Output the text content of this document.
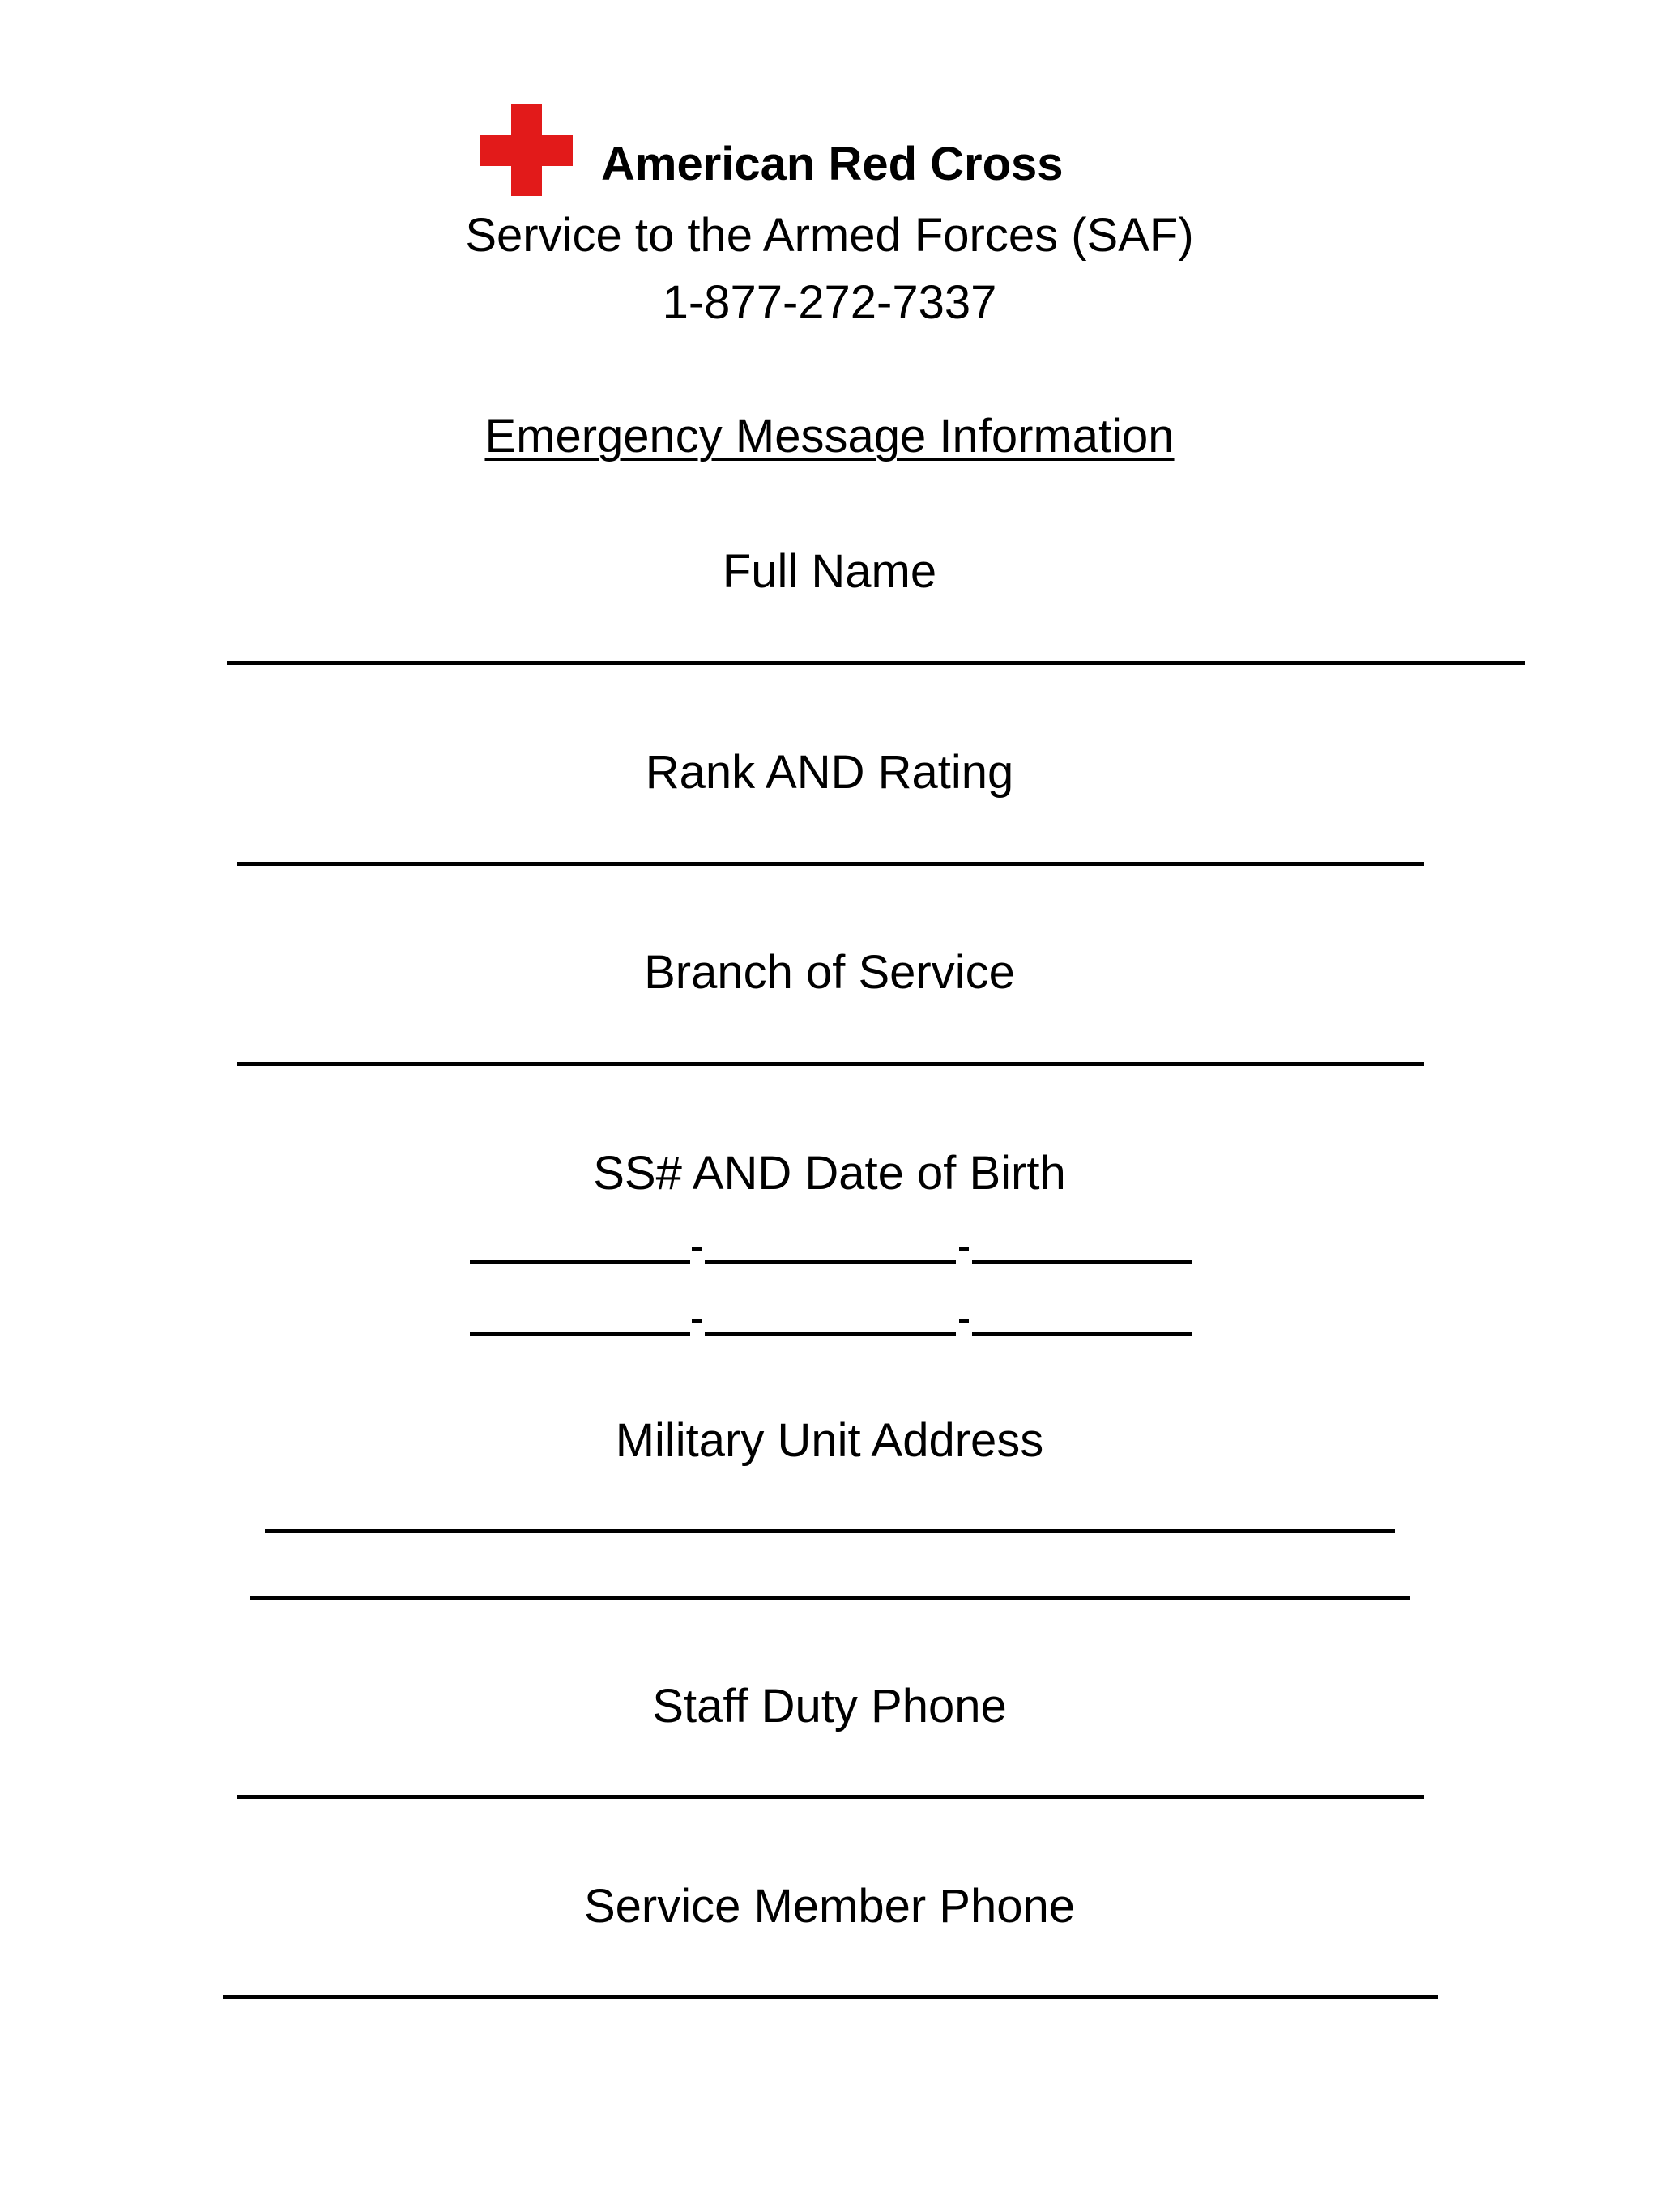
American Red Cross
Service to the Armed Forces (SAF)
1-877-272-7337
Emergency Message Information
Full Name
Rank AND Rating
Branch of Service
SS# AND Date of Birth
Military Unit Address
Staff Duty Phone
Service Member Phone
